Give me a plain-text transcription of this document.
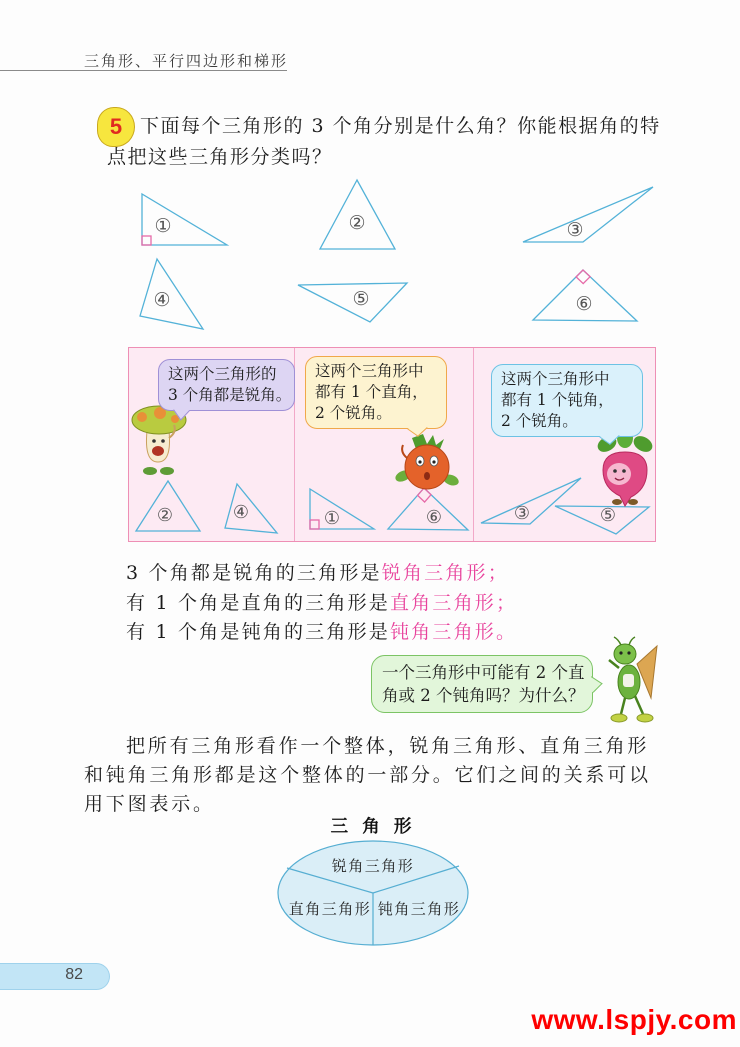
三角形、平行四边形和梯形
5 下面每个三角形的 3 个角分别是什么角？你能根据角的特
点把这些三角形分类吗？
①	②	③
④	⑤	⑥
这两个三角形的
3 个角都是锐角。
这两个三角形中
都有 1 个直角，
2 个锐角。
这两个三角形中
都有 1 个钝角，
2 个锐角。
②	④	①	⑥	③	⑤
3 个角都是锐角的三角形是锐角三角形；
有 1 个角是直角的三角形是直角三角形；
有 1 个角是钝角的三角形是钝角三角形。
一个三角形中可能有 2 个直
角或 2 个钝角吗？为什么？
把所有三角形看作一个整体，锐角三角形、直角三角形
和钝角三角形都是这个整体的一部分。它们之间的关系可以
用下图表示。
三 角 形
锐角三角形
直角三角形 钝角三角形
82
www.lspjy.com
